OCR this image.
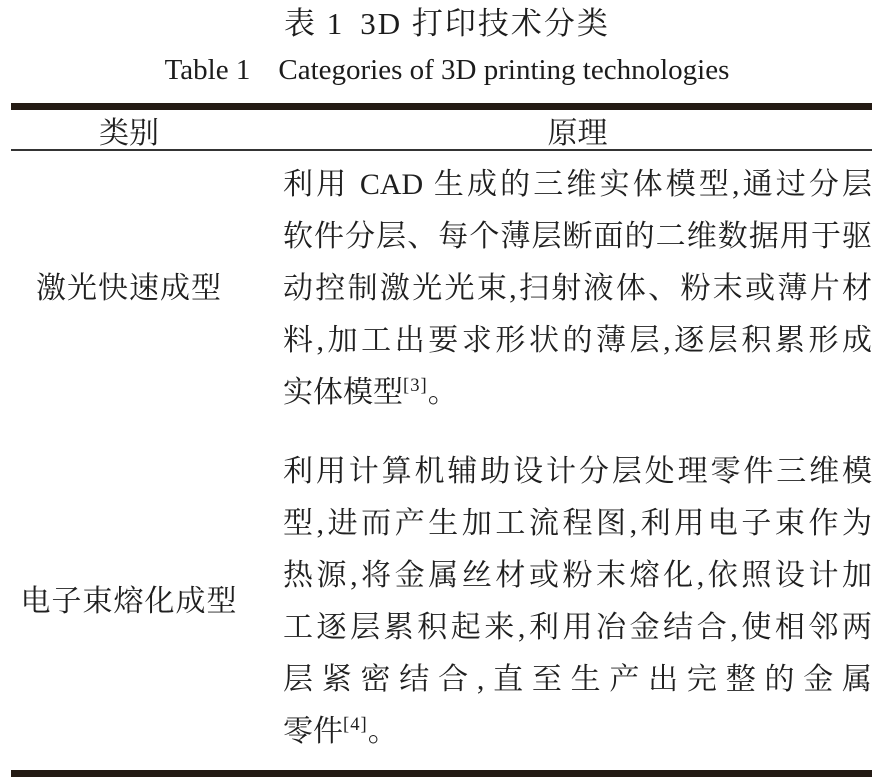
表 1 3D 打印技术分类
Table 1 Categories of 3D printing technologies
类别	原理
激光快速成型
利用 CAD 生成的三维实体模型,通过分层
软件分层、每个薄层断面的二维数据用于驱
动控制激光光束,扫射液体、粉末或薄片材
料,加工出要求形状的薄层,逐层积累形成
实体模型[3]。
电子束熔化成型
利用计算机辅助设计分层处理零件三维模
型,进而产生加工流程图,利用电子束作为
热源,将金属丝材或粉末熔化,依照设计加
工逐层累积起来,利用冶金结合,使相邻两
层紧密结合,直至生产出完整的金属
零件[4]。
